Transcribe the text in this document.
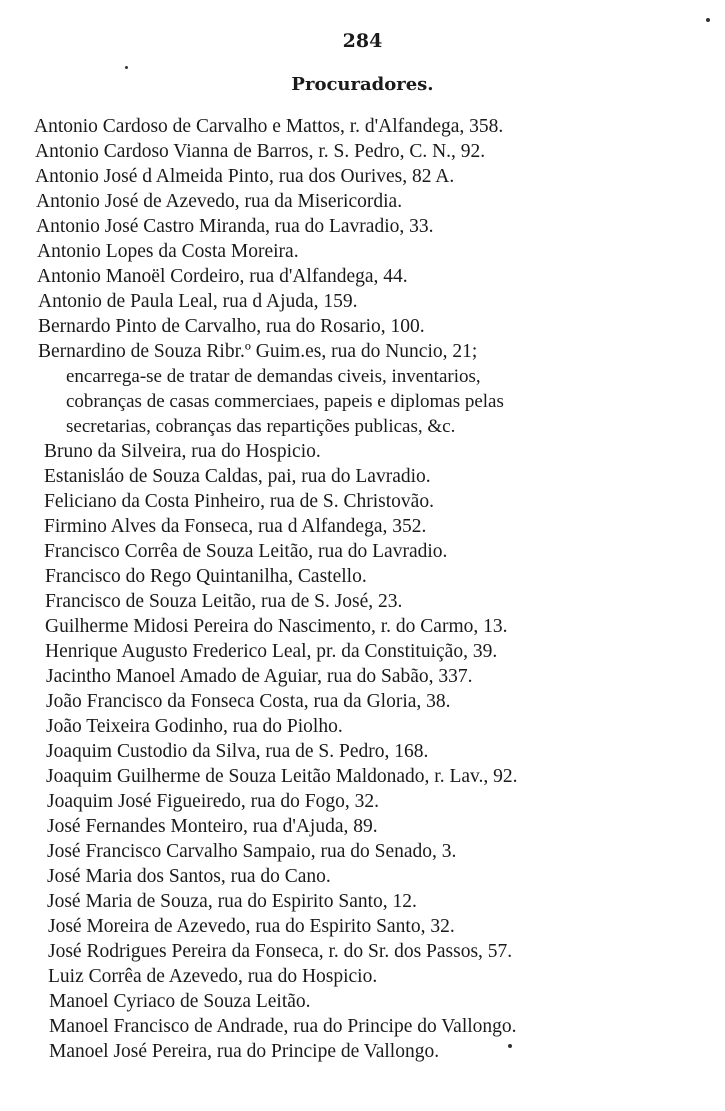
284
Procuradores.
Antonio Cardoso de Carvalho e Mattos, r. d'Alfandega, 358.
Antonio Cardoso Vianna de Barros, r. S. Pedro, C. N., 92.
Antonio José d Almeida Pinto, rua dos Ourives, 82 A.
Antonio José de Azevedo, rua da Misericordia.
Antonio José Castro Miranda, rua do Lavradio, 33.
Antonio Lopes da Costa Moreira.
Antonio Manoël Cordeiro, rua d'Alfandega, 44.
Antonio de Paula Leal, rua d Ajuda, 159.
Bernardo Pinto de Carvalho, rua do Rosario, 100.
Bernardino de Souza Ribr.º Guim.es, rua do Nuncio, 21;
encarrega-se de tratar de demandas civeis, inventarios,
cobranças de casas commerciaes, papeis e diplomas pelas
secretarias, cobranças das repartições publicas, &c.
Bruno da Silveira, rua do Hospicio.
Estanisláo de Souza Caldas, pai, rua do Lavradio.
Feliciano da Costa Pinheiro, rua de S. Christovão.
Firmino Alves da Fonseca, rua d Alfandega, 352.
Francisco Corrêa de Souza Leitão, rua do Lavradio.
Francisco do Rego Quintanilha, Castello.
Francisco de Souza Leitão, rua de S. José, 23.
Guilherme Midosi Pereira do Nascimento, r. do Carmo, 13.
Henrique Augusto Frederico Leal, pr. da Constituição, 39.
Jacintho Manoel Amado de Aguiar, rua do Sabão, 337.
João Francisco da Fonseca Costa, rua da Gloria, 38.
João Teixeira Godinho, rua do Piolho.
Joaquim Custodio da Silva, rua de S. Pedro, 168.
Joaquim Guilherme de Souza Leitão Maldonado, r. Lav., 92.
Joaquim José Figueiredo, rua do Fogo, 32.
José Fernandes Monteiro, rua d'Ajuda, 89.
José Francisco Carvalho Sampaio, rua do Senado, 3.
José Maria dos Santos, rua do Cano.
José Maria de Souza, rua do Espirito Santo, 12.
José Moreira de Azevedo, rua do Espirito Santo, 32.
José Rodrigues Pereira da Fonseca, r. do Sr. dos Passos, 57.
Luiz Corrêa de Azevedo, rua do Hospicio.
Manoel Cyriaco de Souza Leitão.
Manoel Francisco de Andrade, rua do Principe do Vallongo.
Manoel José Pereira, rua do Principe de Vallongo.
